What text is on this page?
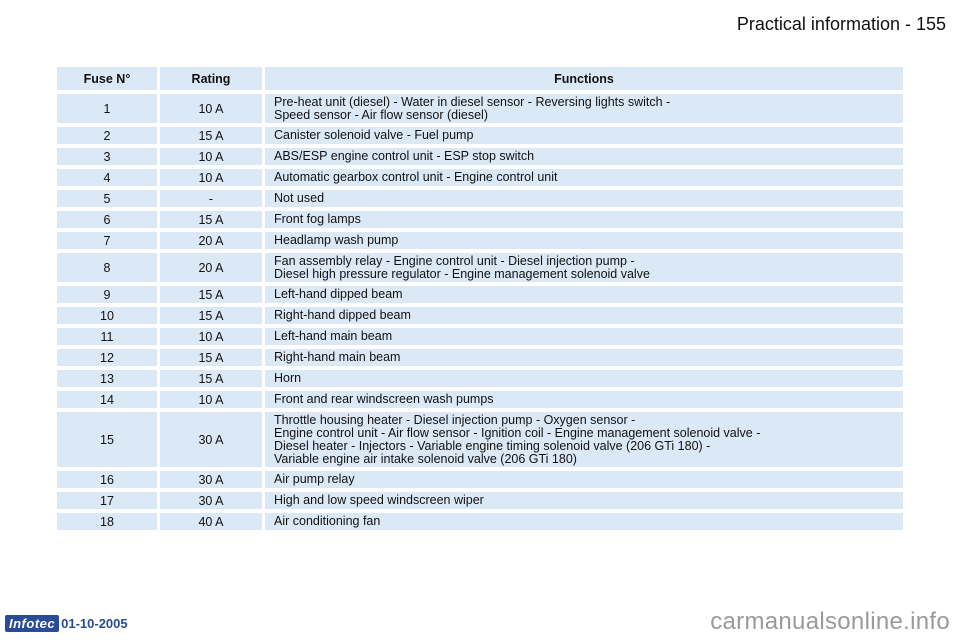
Practical information - 155
Fuse N°	Rating	Functions
1	10 A	Pre-heat unit (diesel) - Water in diesel sensor - Reversing lights switch -
Speed sensor - Air flow sensor (diesel)

2	15 A	Canister solenoid valve - Fuel pump

3	10 A	ABS/ESP engine control unit - ESP stop switch

4	10 A	Automatic gearbox control unit - Engine control unit

5	-	Not used

6	15 A	Front fog lamps

7	20 A	Headlamp wash pump

8	20 A	Fan assembly relay - Engine control unit - Diesel injection pump -
Diesel high pressure regulator - Engine management solenoid valve

9	15 A	Left-hand dipped beam

10	15 A	Right-hand dipped beam

11	10 A	Left-hand main beam

12	15 A	Right-hand main beam

13	15 A	Horn

14	10 A	Front and rear windscreen wash pumps

15	30 A	Throttle housing heater - Diesel injection pump - Oxygen sensor -
Engine control unit - Air flow sensor - Ignition coil - Engine management solenoid valve -
Diesel heater - Injectors - Variable engine timing solenoid valve (206 GTi 180) -
Variable engine air intake solenoid valve (206 GTi 180)

16	30 A	Air pump relay

17	30 A	High and low speed windscreen wiper

18	40 A	Air conditioning fan
Infotec 01-10-2005	carmanualsonline.info
